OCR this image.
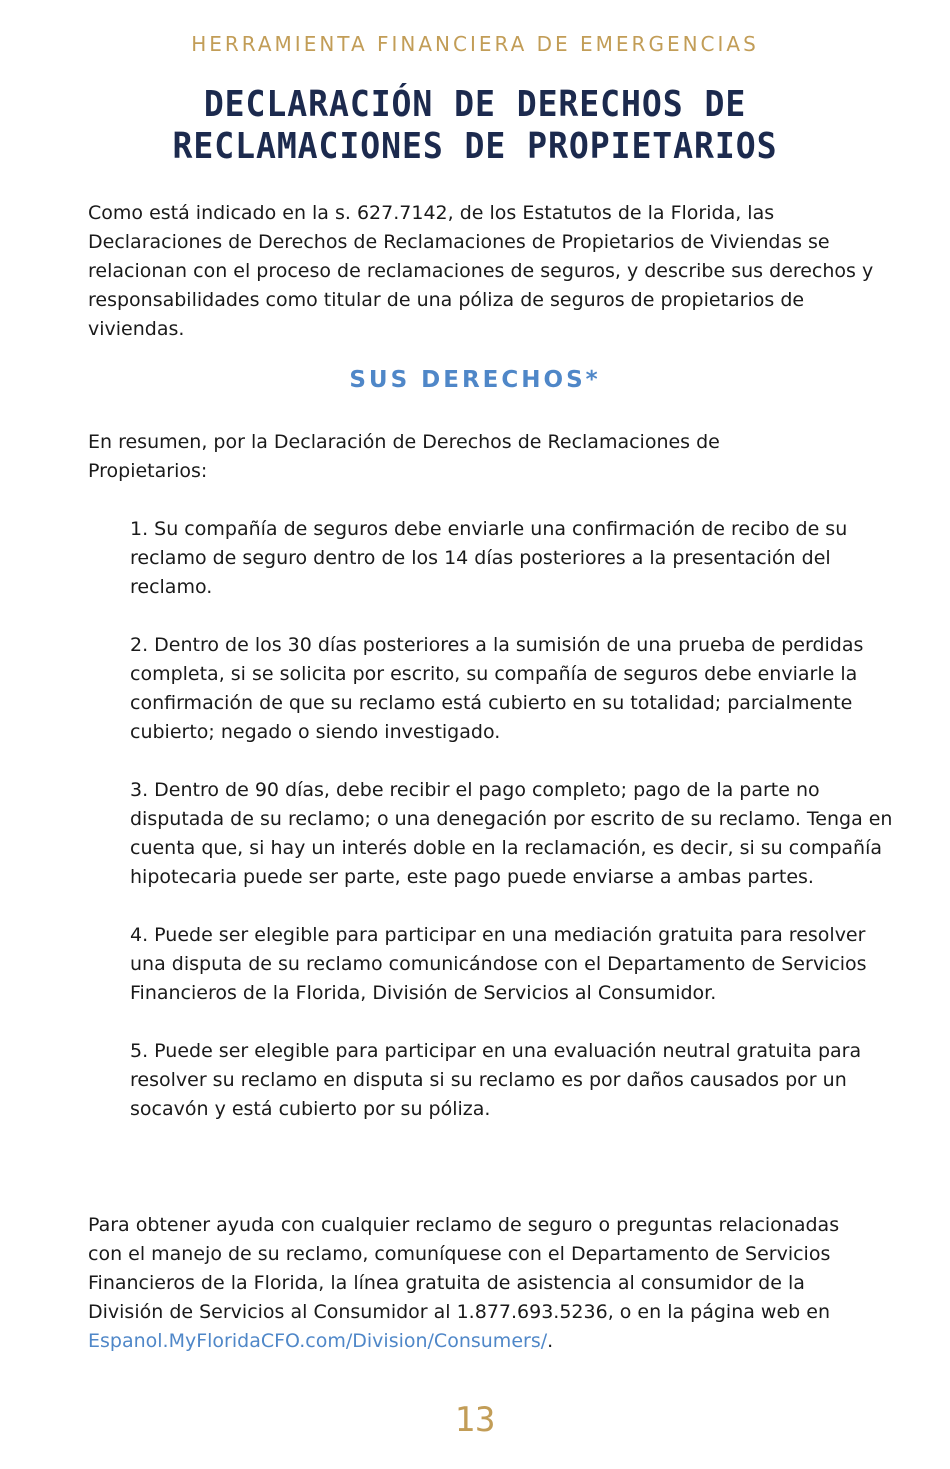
HERRAMIENTA FINANCIERA DE EMERGENCIAS
DECLARACIÓN DE DERECHOS DE
RECLAMACIONES DE PROPIETARIOS

Como está indicado en la s. 627.7142, de los Estatutos de la Florida, las Declaraciones de Derechos de Reclamaciones de Propietarios de Viviendas se relacionan con el proceso de reclamaciones de seguros, y describe sus derechos y responsabilidades como titular de una póliza de seguros de propietarios de viviendas.

SUS DERECHOS*

En resumen, por la Declaración de Derechos de Reclamaciones de Propietarios:

1. Su compañía de seguros debe enviarle una confirmación de recibo de su reclamo de seguro dentro de los 14 días posteriores a la presentación del reclamo.
2. Dentro de los 30 días posteriores a la sumisión de una prueba de perdidas completa, si se solicita por escrito, su compañía de seguros debe enviarle la confirmación de que su reclamo está cubierto en su totalidad; parcialmente cubierto; negado o siendo investigado.
3. Dentro de 90 días, debe recibir el pago completo; pago de la parte no disputada de su reclamo; o una denegación por escrito de su reclamo. Tenga en cuenta que, si hay un interés doble en la reclamación, es decir, si su compañía hipotecaria puede ser parte, este pago puede enviarse a ambas partes.
4. Puede ser elegible para participar en una mediación gratuita para resolver una disputa de su reclamo comunicándose con el Departamento de Servicios Financieros de la Florida, División de Servicios al Consumidor.
5. Puede ser elegible para participar en una evaluación neutral gratuita para resolver su reclamo en disputa si su reclamo es por daños causados por un socavón y está cubierto por su póliza.

Para obtener ayuda con cualquier reclamo de seguro o preguntas relacionadas con el manejo de su reclamo, comuníquese con el Departamento de Servicios Financieros de la Florida, la línea gratuita de asistencia al consumidor de la División de Servicios al Consumidor al 1.877.693.5236, o en la página web en Espanol.MyFloridaCFO.com/Division/Consumers/.

13
